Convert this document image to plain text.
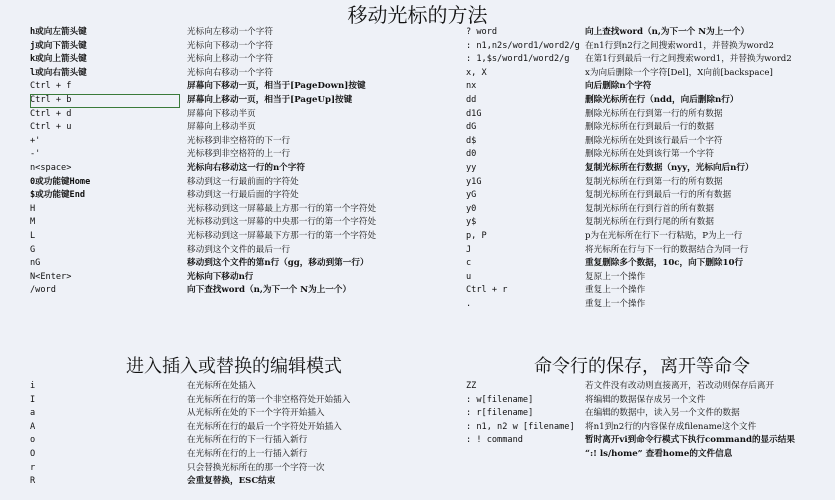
移动光标的方法
h或向左箭头键	光标向左移动一个字符
j或向下箭头键	光标向下移动一个字符
k或向上箭头键	光标向上移动一个字符
l或向右箭头键	光标向右移动一个字符
Ctrl + f	屏幕向下移动一页，相当于[PageDown]按键
Ctrl + b	屏幕向上移动一页，相当于[PageUp]按键
Ctrl + d	屏幕向下移动半页
Ctrl + u	屏幕向上移动半页
+'	光标移到非空格符的下一行
-'	光标移到非空格符的上一行
n<space>	光标向右移动这一行的n个字符
0或功能键Home	移动到这一行最前面的字符处
$或功能键End	移动到这一行最后面的字符处
H	光标移动到这一屏幕最上方那一行的第一个字符处
M	光标移动到这一屏幕的中央那一行的第一个字符处
L	光标移动到这一屏幕最下方那一行的第一个字符处
G	移动到这个文件的最后一行
nG	移动到这个文件的第n行（gg，移动到第一行）
N<Enter>	光标向下移动n行
/word	向下查找word（n,为下一个 N为上一个）
? word	向上查找word（n,为下一个 N为上一个）
: n1,n2s/word1/word2/g 在n1行到n2行之间搜索word1，并替换为word2
: 1,$s/word1/word2/g	在第1行到最后一行之间搜索word1，并替换为word2
x, X	x为向后删除一个字符[Del]，X向前[backspace]
nx	向后删除n个字符
dd	删除光标所在行（ndd，向后删除n行）
d1G	删除光标所在行到第一行的所有数据
dG	删除光标所在行到最后一行的数据
d$	删除光标所在处到该行最后一个字符
d0	删除光标所在处到该行第一个字符
yy	复制光标所在行数据（nyy，光标向后n行）
y1G	复制光标所在行到第一行的所有数据
yG	复制光标所在行到最后一行的所有数据
y0	复制光标所在行到行首的所有数据
y$	复制光标所在行到行尾的所有数据
p, P	p为在光标所在行下一行粘贴，P为上一行
J	将光标所在行与下一行的数据结合为同一行
c	重复删除多个数据，10c，向下删除10行
u	复原上一个操作
Ctrl + r	重复上一个操作
.	重复上一个操作
进入插入或替换的编辑模式
i	在光标所在处插入
I	在光标所在行的第一个非空格符处开始插入
a	从光标所在处的下一个字符开始插入
A	在光标所在行的最后一个字符处开始插入
o	在光标所在行的下一行插入新行
O	在光标所在行的上一行插入新行
r	只会替换光标所在的那一个字符一次
R	会重复替换，ESC结束
命令行的保存，离开等命令
ZZ	若文件没有改动则直接离开，若改动则保存后离开
: w[filename]	将编辑的数据保存成另一个文件
: r[filename]	在编辑的数据中，读入另一个文件的数据
: n1, n2 w [filename]	将n1到n2行的内容保存成filename这个文件
: ! command	暂时离开vi到命令行模式下执行command的显示结果
“:! ls/home” 查看home的文件信息
